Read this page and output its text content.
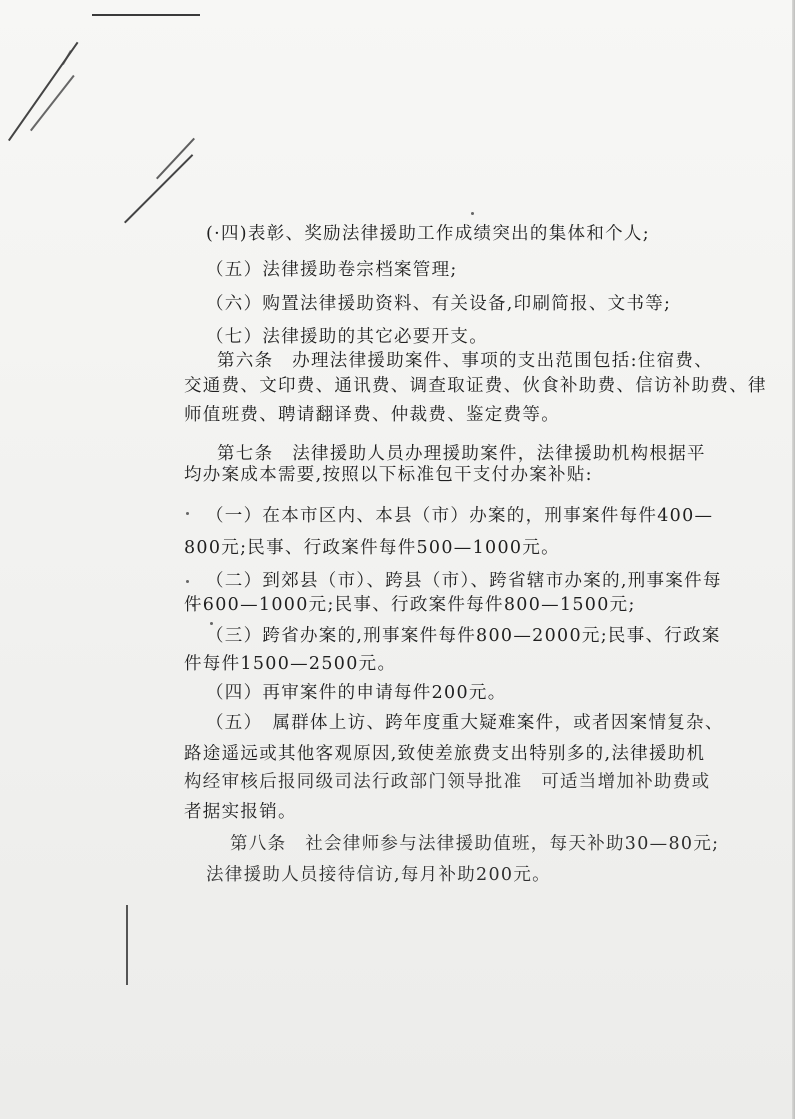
(·四)表彰、奖励法律援助工作成绩突出的集体和个人;
（五）法律援助卷宗档案管理;
（六）购置法律援助资料、有关设备,印刷简报、文书等;
（七）法律援助的其它必要开支。
第六条　办理法律援助案件、事项的支出范围包括:住宿费、
交通费、文印费、通讯费、调查取证费、伙食补助费、信访补助费、律
师值班费、聘请翻译费、仲裁费、鉴定费等。
第七条　法律援助人员办理援助案件，法律援助机构根据平
均办案成本需要,按照以下标准包干支付办案补贴:
（一）在本市区内、本县（市）办案的，刑事案件每件400—
800元;民事、行政案件每件500—1000元。
（二）到郊县（市）、跨县（市）、跨省辖市办案的,刑事案件每
件600—1000元;民事、行政案件每件800—1500元;
（三）跨省办案的,刑事案件每件800—2000元;民事、行政案
件每件1500—2500元。
（四）再审案件的申请每件200元。
（五）　属群体上访、跨年度重大疑难案件，或者因案情复杂、
路途遥远或其他客观原因,致使差旅费支出特别多的,法律援助机
构经审核后报同级司法行政部门领导批准　可适当增加补助费或
者据实报销。
第八条　社会律师参与法律援助值班，每天补助30—80元;
法律援助人员接待信访,每月补助200元。
